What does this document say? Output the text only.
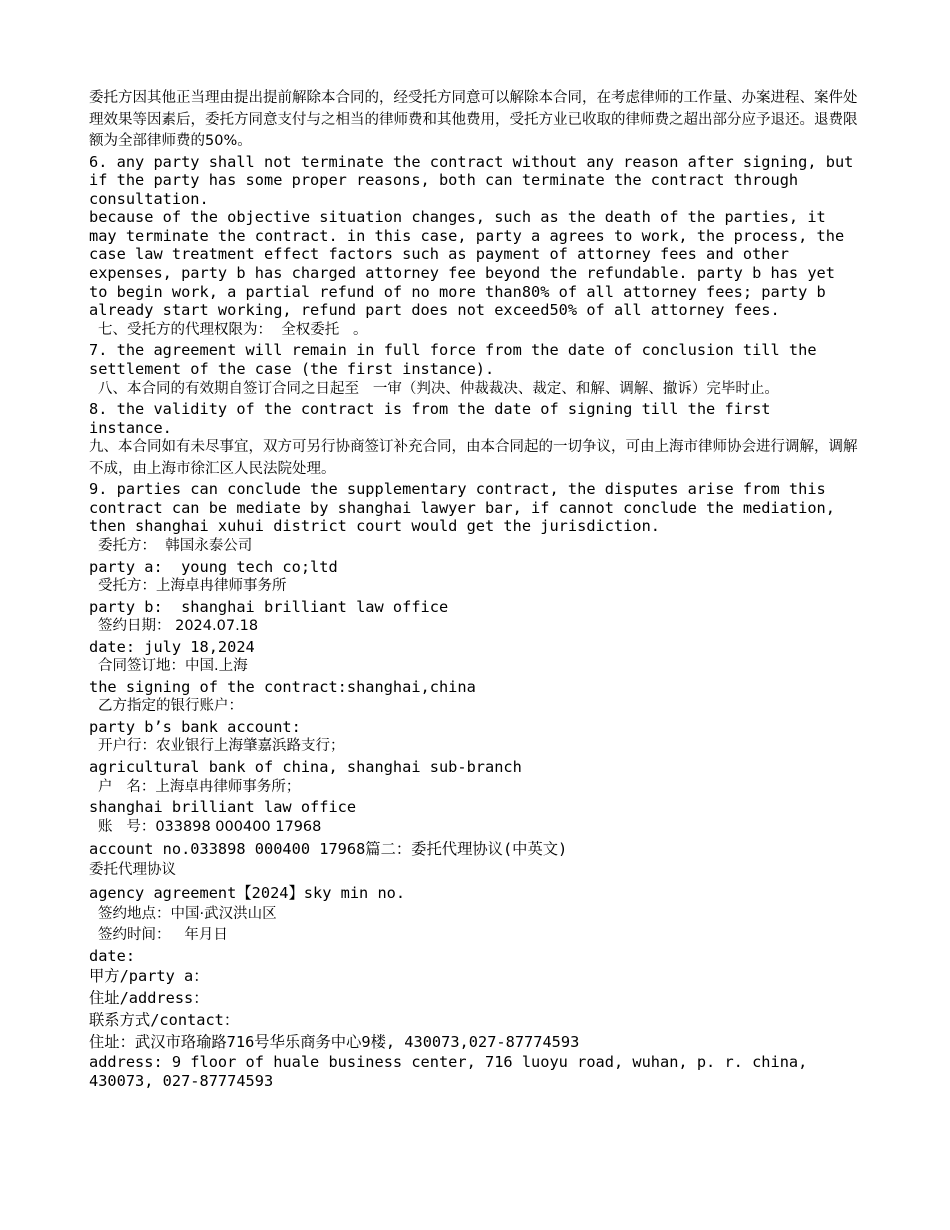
委托方因其他正当理由提出提前解除本合同的，经受托方同意可以解除本合同，在考虑律师的工作量、办案进程、案件处理效果等因素后，委托方同意支付与之相当的律师费和其他费用，受托方业已收取的律师费之超出部分应予退还。退费限额为全部律师费的50%。

6. any party shall not terminate the contract without any reason after signing, but if the party has some proper reasons, both can terminate the contract through consultation.

because of the objective situation changes, such as the death of the parties, it may terminate the contract. in this case, party a agrees to work, the process, the case law treatment effect factors such as payment of attorney fees and other expenses, party b has charged attorney fee beyond the refundable. party b has yet to begin work, a partial refund of no more than80% of all attorney fees; party b already start working, refund part does not exceed50% of all attorney fees.

七、受托方的代理权限为：  全权委托   。

7. the agreement will remain in full force from the date of conclusion till the settlement of the case (the first instance).

八、本合同的有效期自签订合同之日起至   一审（判决、仲裁裁决、裁定、和解、调解、撤诉）完毕时止。

8. the validity of the contract is from the date of signing till the first instance.

九、本合同如有未尽事宜，双方可另行协商签订补充合同，由本合同起的一切争议，可由上海市律师协会进行调解，调解不成，由上海市徐汇区人民法院处理。

9. parties can conclude the supplementary contract, the disputes arise from this contract can be mediate by shanghai lawyer bar, if cannot conclude the mediation, then shanghai xuhui district court would get the jurisdiction.

委托方：  韩国永泰公司

party a:  young tech co;ltd

受托方：上海卓冉律师事务所

party b:  shanghai brilliant law office

签约日期： 2024.07.18

date: july 18,2024

合同签订地：中国.上海

the signing of the contract:shanghai,china

乙方指定的银行账户：

party b’s bank account:

开户行：农业银行上海肇嘉浜路支行；

agricultural bank of china, shanghai sub-branch

户   名：上海卓冉律师事务所；

shanghai brilliant law office

账   号：033898 000400 17968

account no.033898 000400 17968篇二：委托代理协议(中英文)

委托代理协议

agency agreement【2024】sky min no.

签约地点：中国·武汉洪山区

签约时间：   年月日

date:

甲方/party a：

住址/address：

联系方式/contact：

住址：武汉市珞瑜路716号华乐商务中心9楼, 430073,027-87774593

address: 9 floor of huale business center, 716 luoyu road, wuhan, p. r. china, 430073, 027-87774593
